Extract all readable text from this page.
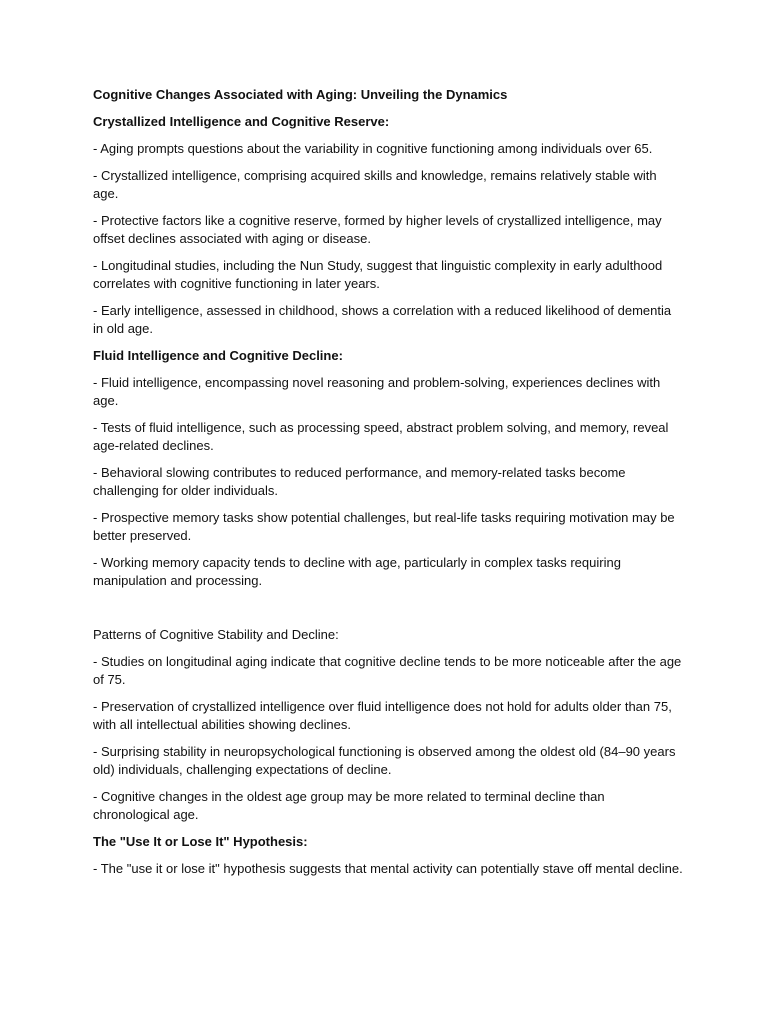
Cognitive Changes Associated with Aging: Unveiling the Dynamics

Crystallized Intelligence and Cognitive Reserve:

- Aging prompts questions about the variability in cognitive functioning among individuals over 65.

- Crystallized intelligence, comprising acquired skills and knowledge, remains relatively stable with age.

- Protective factors like a cognitive reserve, formed by higher levels of crystallized intelligence, may offset declines associated with aging or disease.

- Longitudinal studies, including the Nun Study, suggest that linguistic complexity in early adulthood correlates with cognitive functioning in later years.

- Early intelligence, assessed in childhood, shows a correlation with a reduced likelihood of dementia in old age.

Fluid Intelligence and Cognitive Decline:

- Fluid intelligence, encompassing novel reasoning and problem-solving, experiences declines with age.

- Tests of fluid intelligence, such as processing speed, abstract problem solving, and memory, reveal age-related declines.

- Behavioral slowing contributes to reduced performance, and memory-related tasks become challenging for older individuals.

- Prospective memory tasks show potential challenges, but real-life tasks requiring motivation may be better preserved.

- Working memory capacity tends to decline with age, particularly in complex tasks requiring manipulation and processing.

Patterns of Cognitive Stability and Decline:

- Studies on longitudinal aging indicate that cognitive decline tends to be more noticeable after the age of 75.

- Preservation of crystallized intelligence over fluid intelligence does not hold for adults older than 75, with all intellectual abilities showing declines.

- Surprising stability in neuropsychological functioning is observed among the oldest old (84–90 years old) individuals, challenging expectations of decline.

- Cognitive changes in the oldest age group may be more related to terminal decline than chronological age.

The "Use It or Lose It" Hypothesis:

- The "use it or lose it" hypothesis suggests that mental activity can potentially stave off mental decline.
